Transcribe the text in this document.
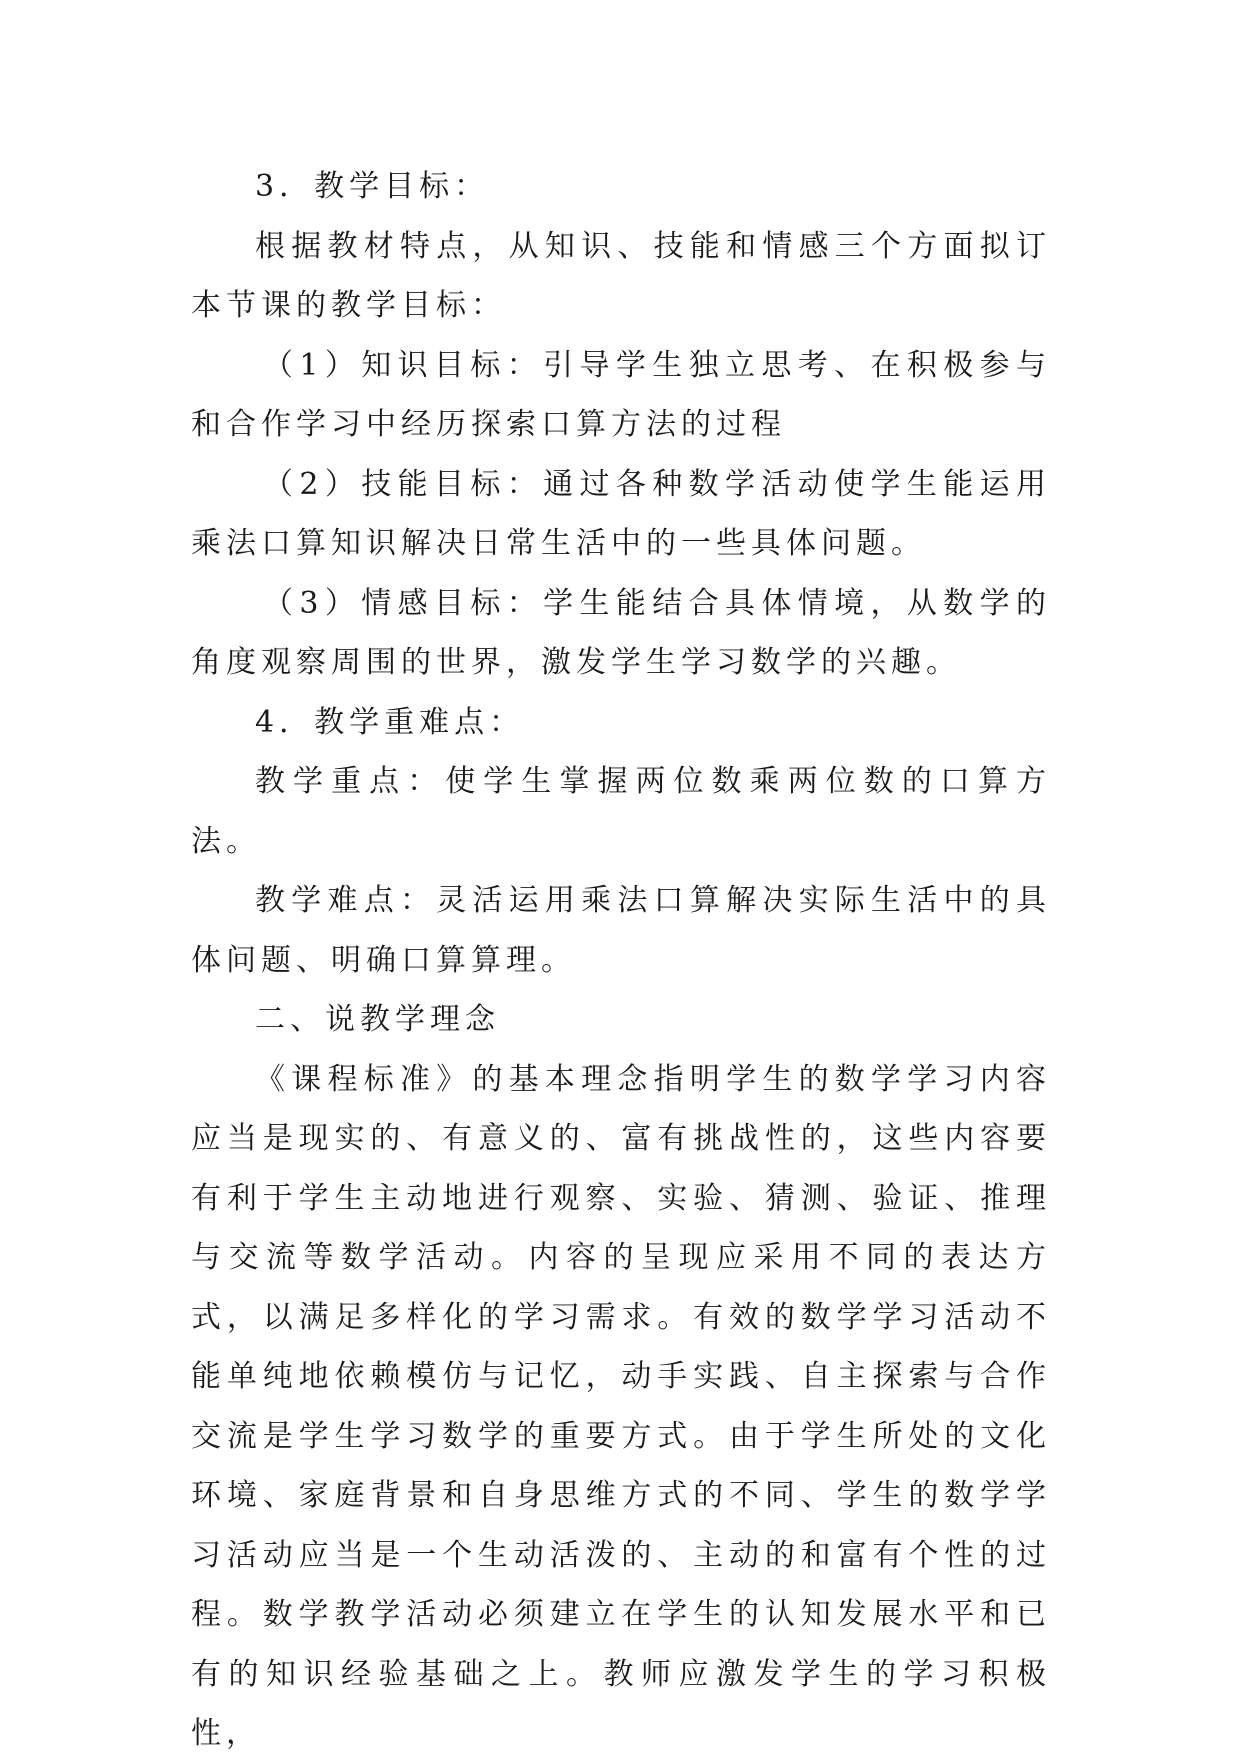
3．教学目标：

根据教材特点，从知识、技能和情感三个方面拟订本节课的教学目标：

（1）知识目标：引导学生独立思考、在积极参与和合作学习中经历探索口算方法的过程

（2）技能目标：通过各种数学活动使学生能运用乘法口算知识解决日常生活中的一些具体问题。

（3）情感目标：学生能结合具体情境，从数学的角度观察周围的世界，激发学生学习数学的兴趣。

4．教学重难点：

教学重点：使学生掌握两位数乘两位数的口算方法。

教学难点：灵活运用乘法口算解决实际生活中的具体问题、明确口算算理。

二、说教学理念

《课程标准》的基本理念指明学生的数学学习内容应当是现实的、有意义的、富有挑战性的，这些内容要有利于学生主动地进行观察、实验、猜测、验证、推理与交流等数学活动。内容的呈现应采用不同的表达方式，以满足多样化的学习需求。有效的数学学习活动不能单纯地依赖模仿与记忆，动手实践、自主探索与合作交流是学生学习数学的重要方式。由于学生所处的文化环境、家庭背景和自身思维方式的不同、学生的数学学习活动应当是一个生动活泼的、主动的和富有个性的过程。数学教学活动必须建立在学生的认知发展水平和已有的知识经验基础之上。教师应激发学生的学习积极性，
